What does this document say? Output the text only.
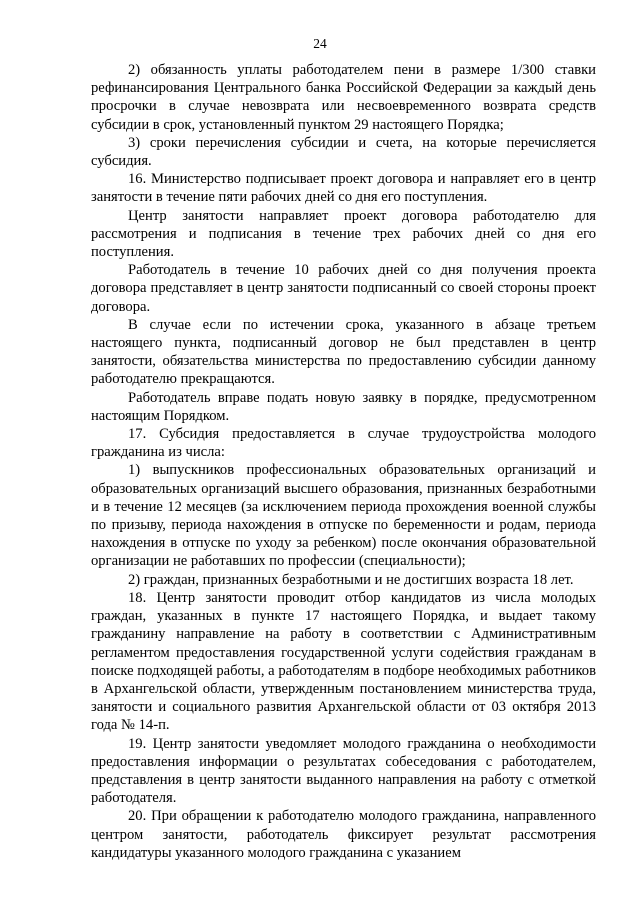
24

2) обязанность уплаты работодателем пени в размере 1/300 ставки рефинансирования Центрального банка Российской Федерации за каждый день просрочки в случае невозврата или несвоевременного возврата средств субсидии в срок, установленный пунктом 29 настоящего Порядка;

3) сроки перечисления субсидии и счета, на которые перечисляется субсидия.

16. Министерство подписывает проект договора и направляет его в центр занятости в течение пяти рабочих дней со дня его поступления.

Центр занятости направляет проект договора работодателю для рассмотрения и подписания в течение трех рабочих дней со дня его поступления.

Работодатель в течение 10 рабочих дней со дня получения проекта договора представляет в центр занятости подписанный со своей стороны проект договора.

В случае если по истечении срока, указанного в абзаце третьем настоящего пункта, подписанный договор не был представлен в центр занятости, обязательства министерства по предоставлению субсидии данному работодателю прекращаются.

Работодатель вправе подать новую заявку в порядке, предусмотренном настоящим Порядком.

17. Субсидия предоставляется в случае трудоустройства молодого гражданина из числа:

1) выпускников профессиональных образовательных организаций и образовательных организаций высшего образования, признанных безработными и в течение 12 месяцев (за исключением периода прохождения военной службы по призыву, периода нахождения в отпуске по беременности и родам, периода нахождения в отпуске по уходу за ребенком) после окончания образовательной организации не работавших по профессии (специальности);

2) граждан, признанных безработными и не достигших возраста 18 лет.

18. Центр занятости проводит отбор кандидатов из числа молодых граждан, указанных в пункте 17 настоящего Порядка, и выдает такому гражданину направление на работу в соответствии с Административным регламентом предоставления государственной услуги содействия гражданам в поиске подходящей работы, а работодателям в подборе необходимых работников в Архангельской области, утвержденным постановлением министерства труда, занятости и социального развития Архангельской области от 03 октября 2013 года № 14-п.

19. Центр занятости уведомляет молодого гражданина о необходимости предоставления информации о результатах собеседования с работодателем, представления в центр занятости выданного направления на работу с отметкой работодателя.

20. При обращении к работодателю молодого гражданина, направленного центром занятости, работодатель фиксирует результат рассмотрения кандидатуры указанного молодого гражданина с указанием
